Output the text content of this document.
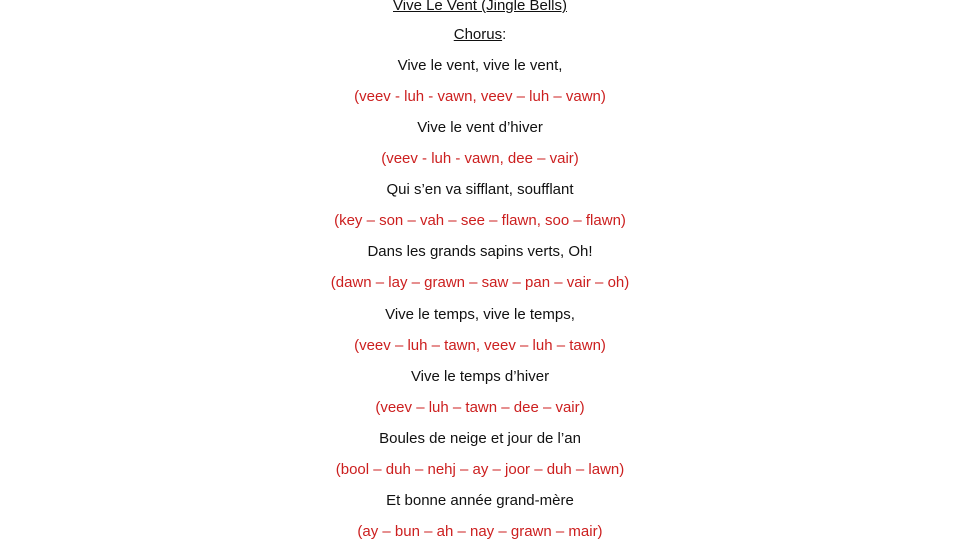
Vive Le Vent (Jingle Bells)
Chorus:
Vive le vent, vive le vent,
(veev - luh - vawn, veev – luh – vawn)
Vive le vent d’hiver
(veev - luh - vawn, dee – vair)
Qui s’en va sifflant, soufflant
(key – son – vah – see – flawn, soo – flawn)
Dans les grands sapins verts, Oh!
(dawn – lay – grawn – saw – pan – vair – oh)
Vive le temps, vive le temps,
(veev – luh – tawn, veev – luh – tawn)
Vive le temps d’hiver
(veev – luh – tawn – dee – vair)
Boules de neige et jour de l’an
(bool – duh – nehj – ay – joor – duh – lawn)
Et bonne année grand-mère
(ay – bun – ah – nay – grawn – mair)
